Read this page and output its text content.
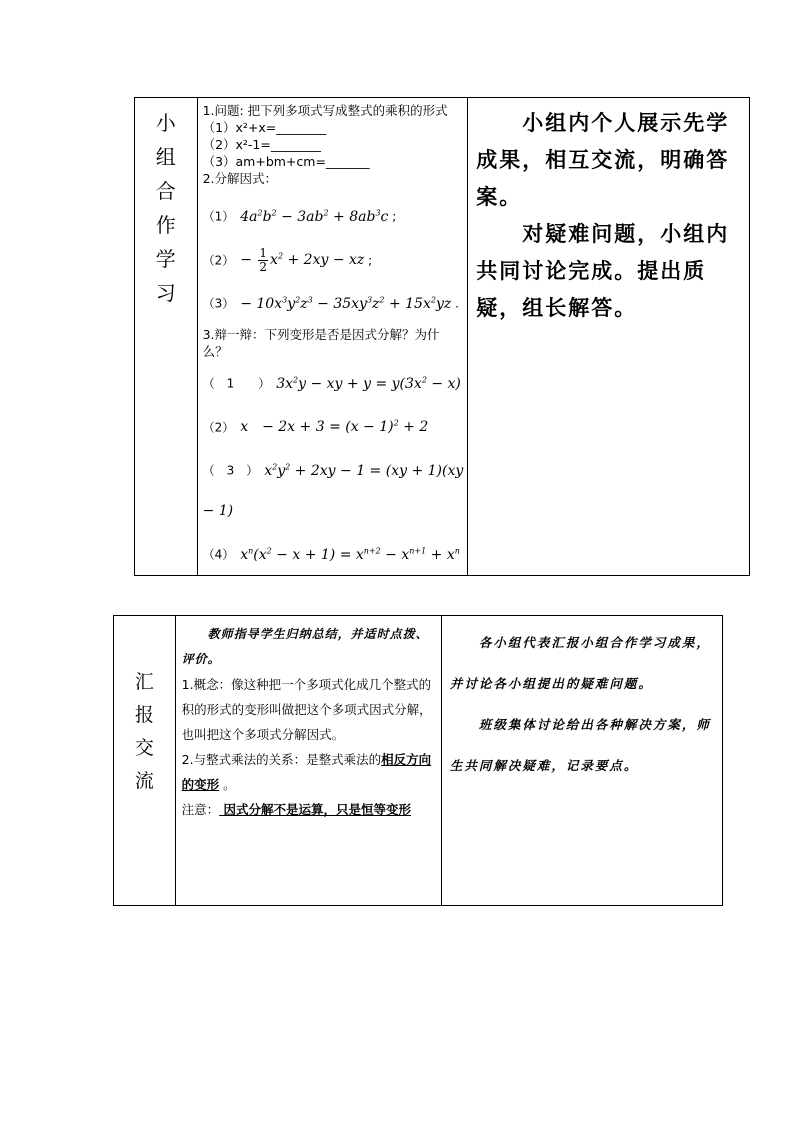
小
组
合
作
学
习

1.问题: 把下列多项式写成整式的乘积的形式
（1）x²+x=________
（2）x²-1=________
（3）am+bm+cm=_______
2.分解因式：
（1） $4a^2b^2 - 3ab^2 + 8ab^3c$ ;
$(2) - \frac{1}{2} x^2 + 2xy$ − xz ;
$(3) - 10x^3y^2z^3 - 35xy^3z^2 + 15x^2yz$ .
3.辩一辩：下列变形是否是因式分解？为什么？
（　1　　） $3x^2y$ − xy + $y = y(3x^2 - x)$
（2） x　− $2x + 3 = (x - 1)^2 + 2$
（　3　） $x^2y^2 + 2xy - 1 = (xy + 1)(xy - 1)$
（4） $x^n(x^2 - x + 1) = x^{n+2} - x^{n+1} + x^n$

　　小组内个人展示先学成果，相互交流，明确答案。
　　对疑难问题，小组内共同讨论完成。提出质疑，组长解答。
汇
报
交
流

　　教师指导学生归纳总结，并适时点拨、评价。
1.概念：像这种把一个多项式化成几个整式的积的形式的变形叫做把这个多项式因式分解，也叫把这个多项式分解因式。
2.与整式乘法的关系：是整式乘法的相反方向的变形 。
注意： 因式分解不是运算，只是恒等变形

　　各小组代表汇报小组合作学习成果，并讨论各小组提出的疑难问题。
　　班级集体讨论给出各种解决方案，师生共同解决疑难，记录要点。
